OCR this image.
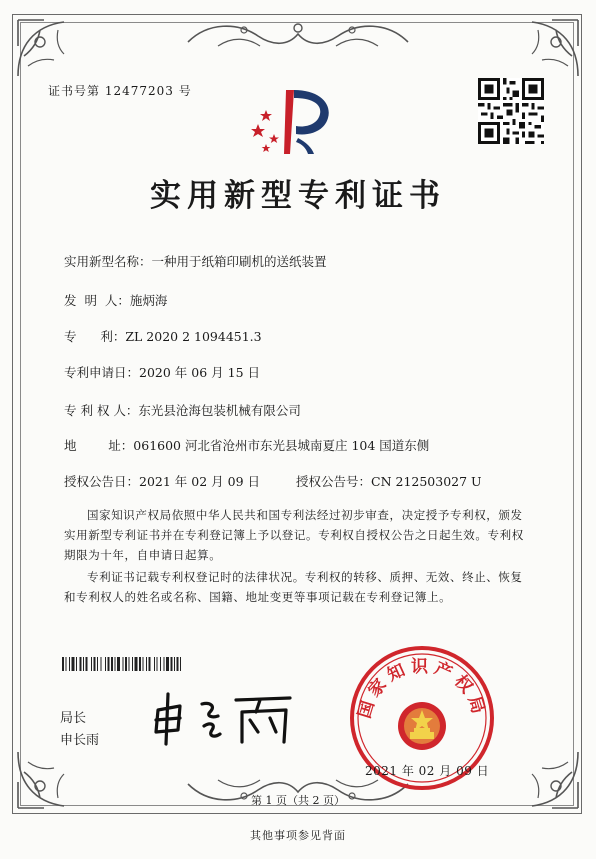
证书号第 12477203 号
实用新型专利证书
实用新型名称：一种用于纸箱印刷机的送纸装置
发  明  人：施炳海
专      利：ZL 2020 2 1094451.3
专利申请日：2020 年 06 月 15 日
专 利 权 人：东光县沧海包装机械有限公司
地        址：061600 河北省沧州市东光县城南夏庄 104 国道东侧
授权公告日：2021 年 02 月 09 日	授权公告号：CN 212503027 U
国家知识产权局依照中华人民共和国专利法经过初步审查，决定授予专利权，颁发实用新型专利证书并在专利登记簿上予以登记。专利权自授权公告之日起生效。专利权期限为十年，自申请日起算。
专利证书记载专利权登记时的法律状况。专利权的转移、质押、无效、终止、恢复和专利权人的姓名或名称、国籍、地址变更等事项记载在专利登记簿上。
局长
申长雨
国家知识产权局
2021 年 02 月 09 日
第 1 页（共 2 页）
其他事项参见背面
